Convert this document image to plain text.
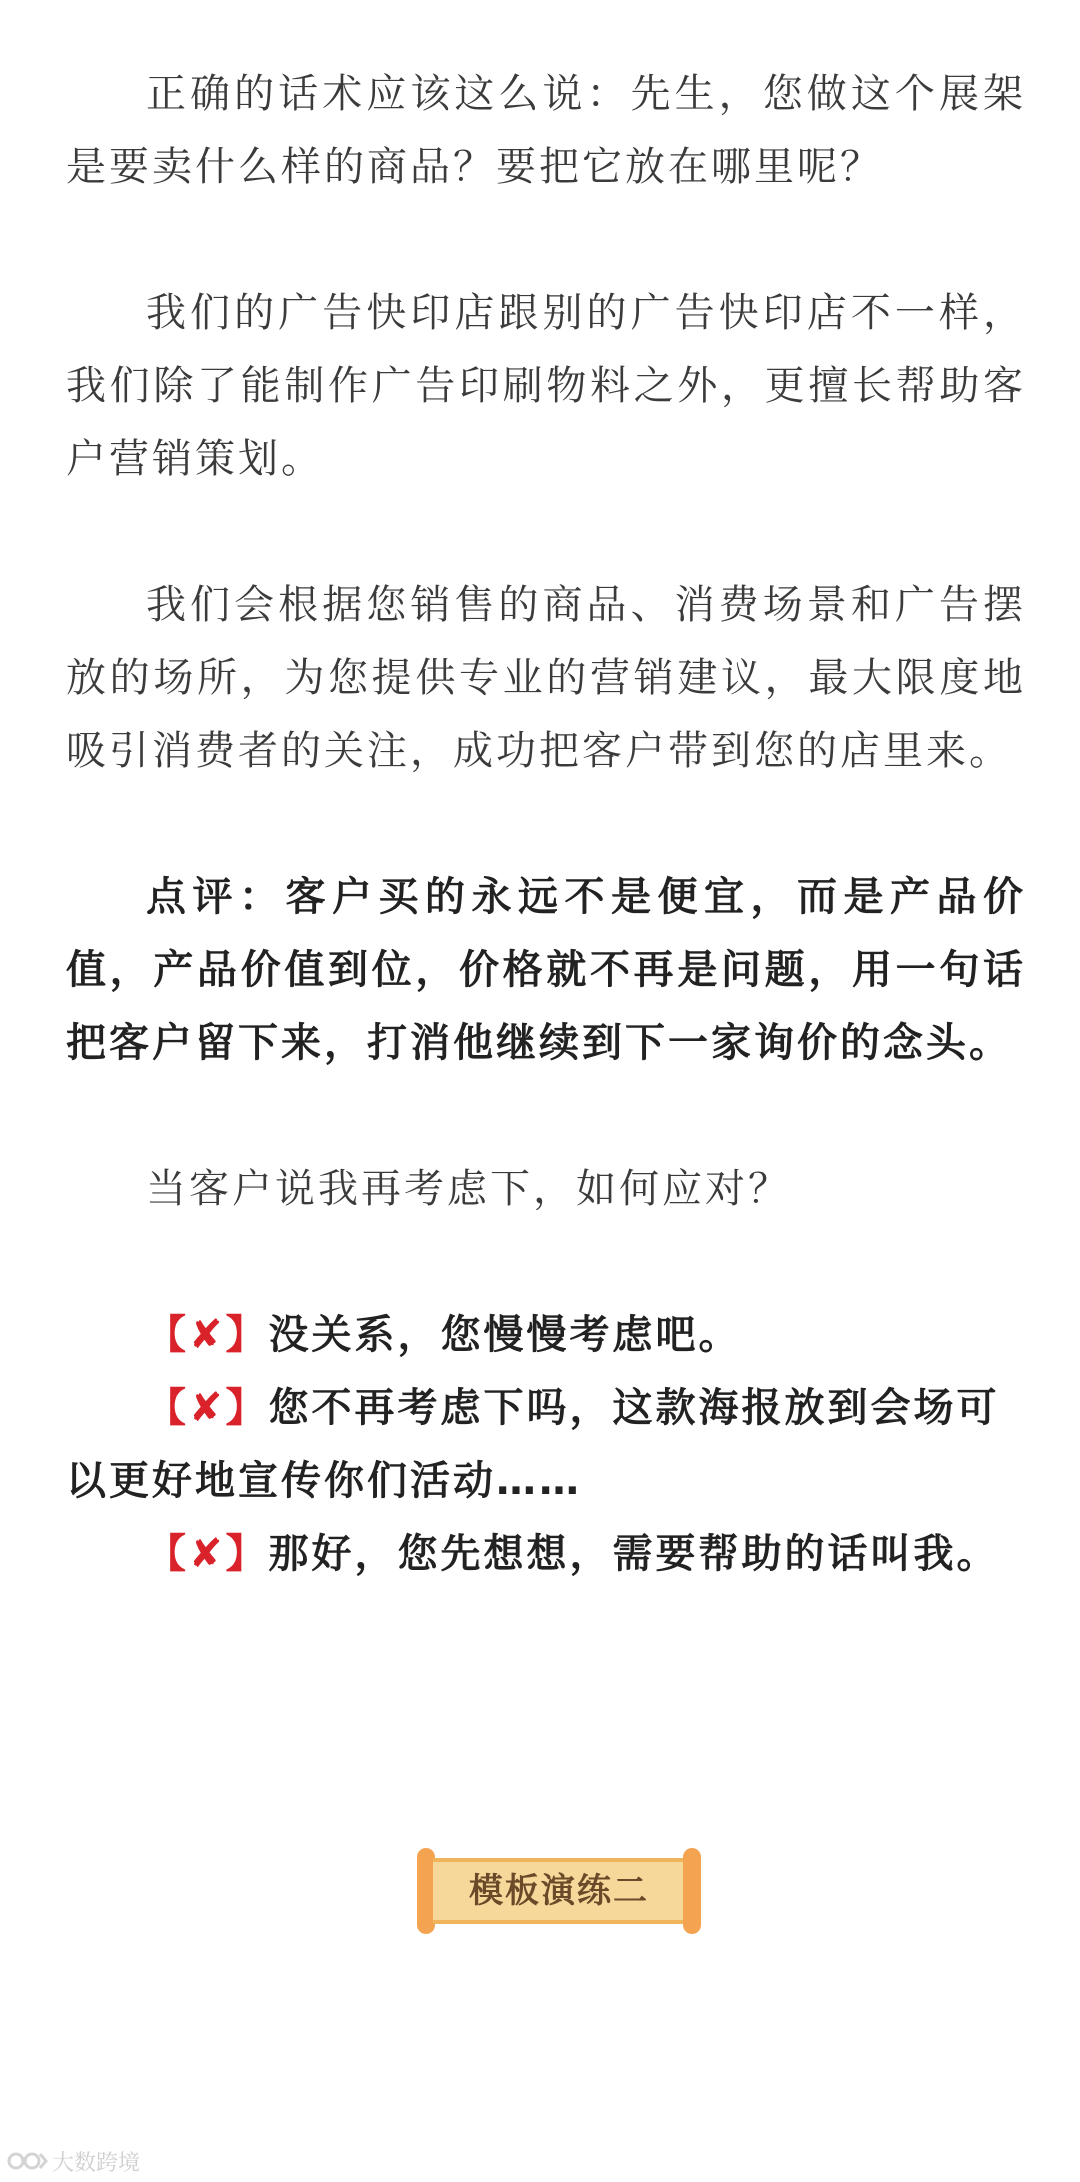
正确的话术应该这么说：先生，您做这个展架是要卖什么样的商品？要把它放在哪里呢？

我们的广告快印店跟别的广告快印店不一样，我们除了能制作广告印刷物料之外，更擅长帮助客户营销策划。

我们会根据您销售的商品、消费场景和广告摆放的场所，为您提供专业的营销建议，最大限度地吸引消费者的关注，成功把客户带到您的店里来。

点评：客户买的永远不是便宜，而是产品价值，产品价值到位，价格就不再是问题，用一句话把客户留下来，打消他继续到下一家询价的念头。

当客户说我再考虑下，如何应对？

【✘】没关系，您慢慢考虑吧。

【✘】您不再考虑下吗，这款海报放到会场可以更好地宣传你们活动……

【✘】那好，您先想想，需要帮助的话叫我。

模板演练二
大数跨境
